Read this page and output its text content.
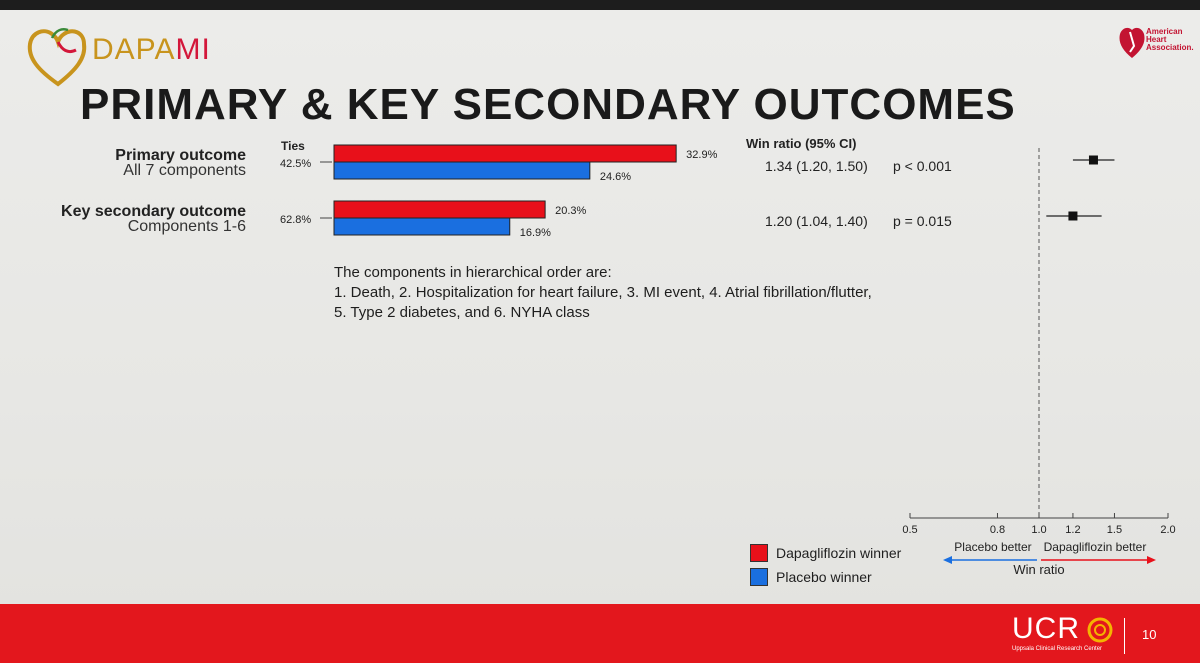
DAPAMI
American
Heart
Association.
PRIMARY & KEY SECONDARY OUTCOMES
Primary outcome
All 7 components
Key secondary outcome
Components 1-6
Ties
42.5%
62.8%
32.9%
20.3%
24.6%
16.9%
0.5	0.8 1.0 1.2 1.5	2.0
Placebo better Dapagliflozin better
Win ratio
Win ratio (95% CI)
1.34 (1.20, 1.50) p < 0.001
1.20 (1.04, 1.40) p = 0.015
The components in hierarchical order are:
1. Death, 2. Hospitalization for heart failure, 3. MI event, 4. Atrial fibrillation/flutter,
5. Type 2 diabetes, and 6. NYHA class
Dapagliflozin winner
Placebo winner
UCR
Uppsala Clinical Research Center
10
